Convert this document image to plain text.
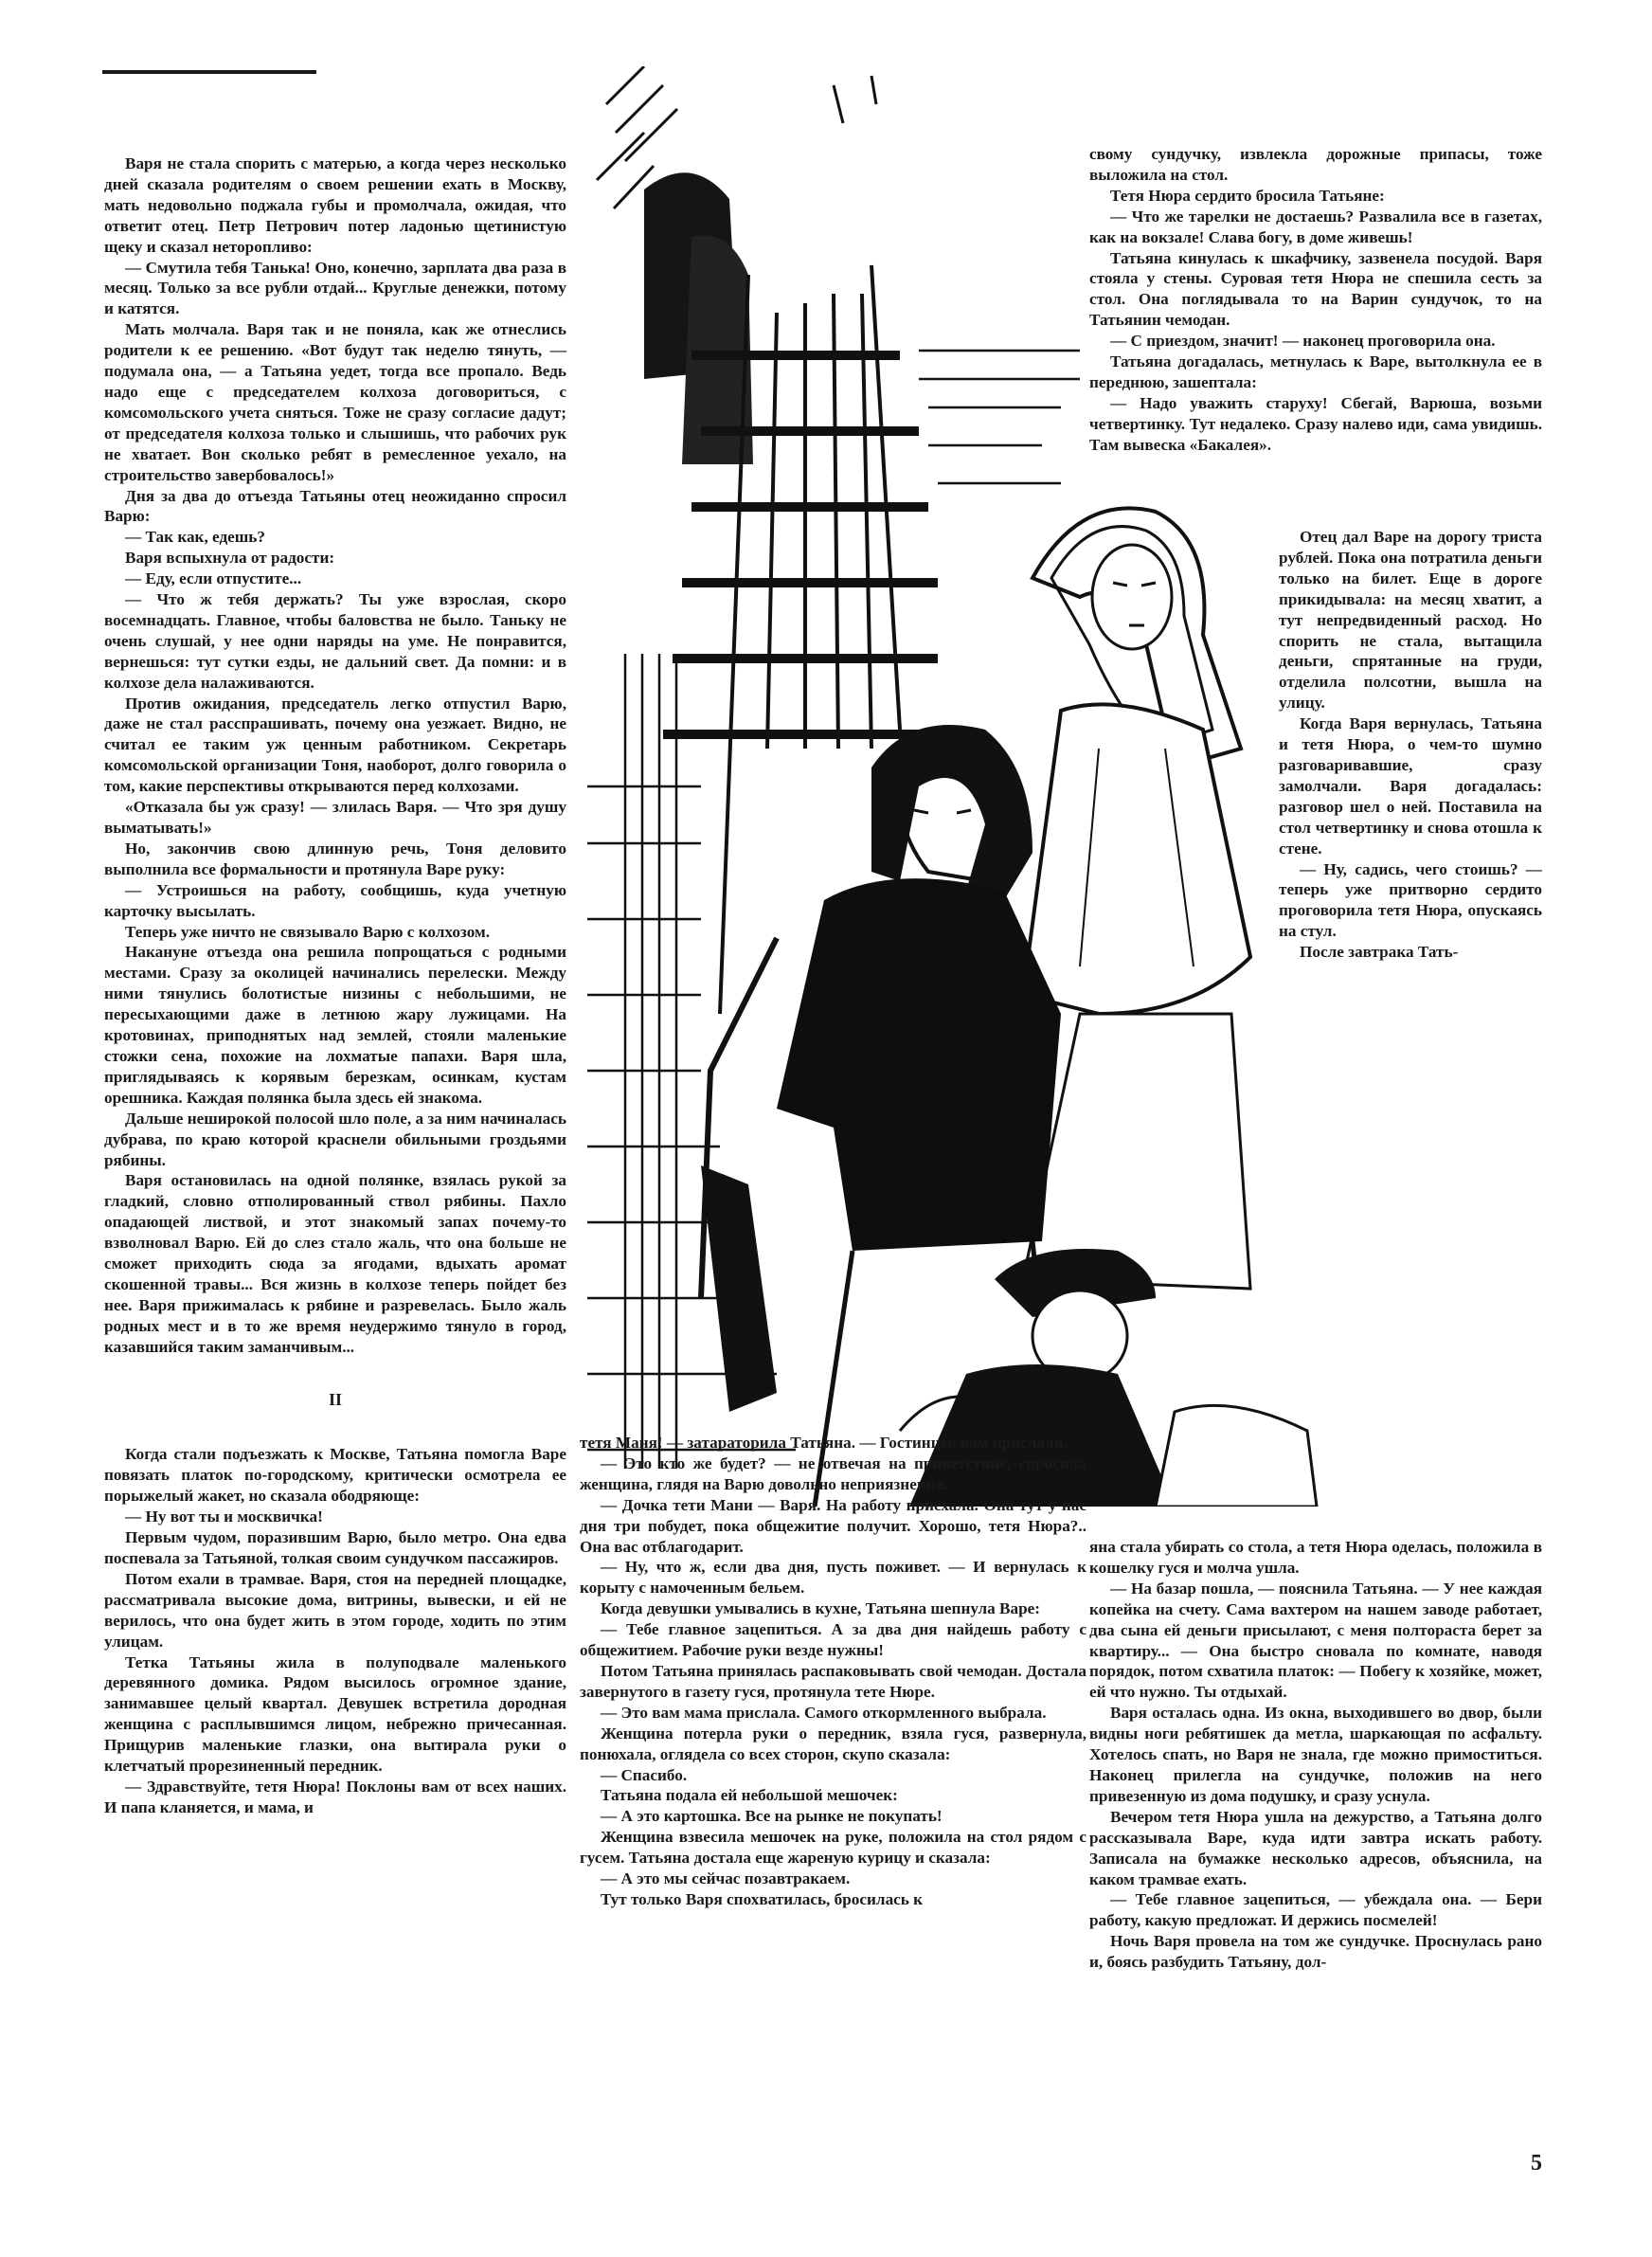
Варя не стала спорить с матерью, а когда через несколько дней сказала родителям о своем решении ехать в Москву, мать недовольно поджала губы и промолчала, ожидая, что ответит отец. Петр Петрович потер ладонью щетинистую щеку и сказал неторопливо:

— Смутила тебя Танька! Оно, конечно, зарплата два раза в месяц. Только за все рубли отдай... Круглые денежки, потому и катятся.

Мать молчала. Варя так и не поняла, как же отнеслись родители к ее решению. «Вот будут так неделю тянуть, — подумала она, — а Татьяна уедет, тогда все пропало. Ведь надо еще с председателем колхоза договориться, с комсомольского учета сняться. Тоже не сразу согласие дадут; от председателя колхоза только и слышишь, что рабочих рук не хватает. Вон сколько ребят в ремесленное уехало, на строительство завербовалось!»

Дня за два до отъезда Татьяны отец неожиданно спросил Варю:

— Так как, едешь?

Варя вспыхнула от радости:

— Еду, если отпустите...

— Что ж тебя держать? Ты уже взрослая, скоро восемнадцать. Главное, чтобы баловства не было. Таньку не очень слушай, у нее одни наряды на уме. Не понравится, вернешься: тут сутки езды, не дальний свет. Да помни: и в колхозе дела налаживаются.

Против ожидания, председатель легко отпустил Варю, даже не стал расспрашивать, почему она уезжает. Видно, не считал ее таким уж ценным работником. Секретарь комсомольской организации Тоня, наоборот, долго говорила о том, какие перспективы открываются перед колхозами.

«Отказала бы уж сразу! — злилась Варя. — Что зря душу выматывать!»

Но, закончив свою длинную речь, Тоня деловито выполнила все формальности и протянула Варе руку:

— Устроишься на работу, сообщишь, куда учетную карточку высылать.

Теперь уже ничто не связывало Варю с колхозом.

Накануне отъезда она решила попрощаться с родными местами. Сразу за околицей начинались перелески. Между ними тянулись болотистые низины с небольшими, не пересыхающими даже в летнюю жару лужицами. На кротовинах, приподнятых над землей, стояли маленькие стожки сена, похожие на лохматые папахи. Варя шла, приглядываясь к корявым березкам, осинкам, кустам орешника. Каждая полянка была здесь ей знакома.

Дальше неширокой полосой шло поле, а за ним начиналась дубрава, по краю которой краснели обильными гроздьями рябины.

Варя остановилась на одной полянке, взялась рукой за гладкий, словно отполированный ствол рябины. Пахло опадающей листвой, и этот знакомый запах почему-то взволновал Варю. Ей до слез стало жаль, что она больше не сможет приходить сюда за ягодами, вдыхать аромат скошенной травы... Вся жизнь в колхозе теперь пойдет без нее. Варя прижималась к рябине и разревелась. Было жаль родных мест и в то же время неудержимо тянуло в город, казавшийся таким заманчивым...

II

Когда стали подъезжать к Москве, Татьяна помогла Варе повязать платок по-городскому, критически осмотрела ее порыжелый жакет, но сказала ободряюще:

— Ну вот ты и москвичка!

Первым чудом, поразившим Варю, было метро. Она едва поспевала за Татьяной, толкая своим сундучком пассажиров.

Потом ехали в трамвае. Варя, стоя на передней площадке, рассматривала высокие дома, витрины, вывески, и ей не верилось, что она будет жить в этом городе, ходить по этим улицам.

Тетка Татьяны жила в полуподвале маленького деревянного домика. Рядом высилось огромное здание, занимавшее целый квартал. Девушек встретила дородная женщина с расплывшимся лицом, небрежно причесанная. Прищурив маленькие глазки, она вытирала руки о клетчатый прорезиненный передник.

— Здравствуйте, тетя Нюра! Поклоны вам от всех наших. И папа кланяется, и мама, и

свому сундучку, извлекла дорожные припасы, тоже выложила на стол.

Тетя Нюра сердито бросила Татьяне:

— Что же тарелки не достаешь? Развалила все в газетах, как на вокзале! Слава богу, в доме живешь!

Татьяна кинулась к шкафчику, зазвенела посудой. Варя стояла у стены. Суровая тетя Нюра не спешила сесть за стол. Она поглядывала то на Варин сундучок, то на Татьянин чемодан.

— С приездом, значит! — наконец проговорила она.

Татьяна догадалась, метнулась к Варе, вытолкнула ее в переднюю, зашептала:

— Надо уважить старуху! Сбегай, Варюша, возьми четвертинку. Тут недалеко. Сразу налево иди, сама увидишь. Там вывеска «Бакалея».

Отец дал Варе на дорогу триста рублей. Пока она потратила деньги только на билет. Еще в дороге прикидывала: на месяц хватит, а тут непредвиденный расход. Но спорить не стала, вытащила деньги, спрятанные на груди, отделила полсотни, вышла на улицу.

Когда Варя вернулась, Татьяна и тетя Нюра, о чем-то шумно разговаривавшие, сразу замолчали. Варя догадалась: разговор шел о ней. Поставила на стол четвертинку и снова отошла к стене.

— Ну, садись, чего стоишь? — теперь уже притворно сердито проговорила тетя Нюра, опускаясь на стул.

После завтрака Тать-

тетя Маня! — затараторила Татьяна. — Гостинцев вам прислали.

— Это кто же будет? — не отвечая на приветствие, спросила женщина, глядя на Варю довольно неприязненно.

— Дочка тети Мани — Варя. На работу приехала. Она тут у нас дня три побудет, пока общежитие получит. Хорошо, тетя Нюра?.. Она вас отблагодарит.

— Ну, что ж, если два дня, пусть поживет. — И вернулась к корыту с намоченным бельем.

Когда девушки умывались в кухне, Татьяна шепнула Варе:

— Тебе главное зацепиться. А за два дня найдешь работу с общежитием. Рабочие руки везде нужны!

Потом Татьяна принялась распаковывать свой чемодан. Достала завернутого в газету гуся, протянула тете Нюре.

— Это вам мама прислала. Самого откормленного выбрала.

Женщина потерла руки о передник, взяла гуся, развернула, понюхала, оглядела со всех сторон, скупо сказала:

— Спасибо.

Татьяна подала ей небольшой мешочек:

— А это картошка. Все на рынке не покупать!

Женщина взвесила мешочек на руке, положила на стол рядом с гусем. Татьяна достала еще жареную курицу и сказала:

— А это мы сейчас позавтракаем.

Тут только Варя спохватилась, бросилась к

яна стала убирать со стола, а тетя Нюра оделась, положила в кошелку гуся и молча ушла.

— На базар пошла, — пояснила Татьяна. — У нее каждая копейка на счету. Сама вахтером на нашем заводе работает, два сына ей деньги присылают, с меня полтораста берет за квартиру... — Она быстро сновала по комнате, наводя порядок, потом схватила платок: — Побегу к хозяйке, может, ей что нужно. Ты отдыхай.

Варя осталась одна. Из окна, выходившего во двор, были видны ноги ребятишек да метла, шаркающая по асфальту. Хотелось спать, но Варя не знала, где можно примоститься. Наконец прилегла на сундучке, положив на него привезенную из дома подушку, и сразу уснула.

Вечером тетя Нюра ушла на дежурство, а Татьяна долго рассказывала Варе, куда идти завтра искать работу. Записала на бумажке несколько адресов, объяснила, на каком трамвае ехать.

— Тебе главное зацепиться, — убеждала она. — Бери работу, какую предложат. И держись посмелей!

Ночь Варя провела на том же сундучке. Проснулась рано и, боясь разбудить Татьяну, дол-

5
